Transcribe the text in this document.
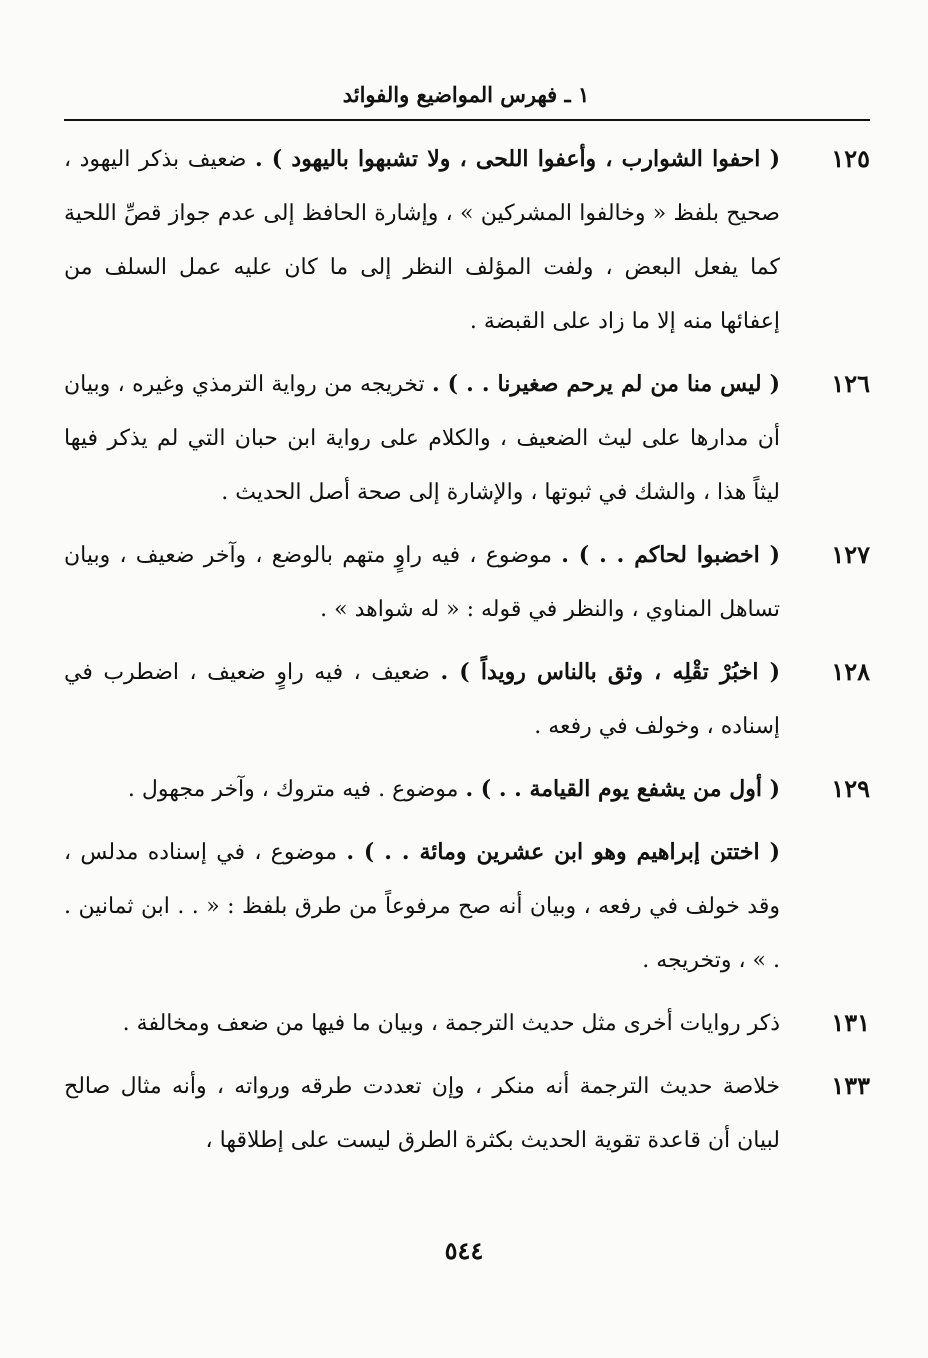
١ ـ فهرس المواضيع والفوائد
١٢٥
( احفوا الشوارب ، وأعفوا اللحى ، ولا تشبهوا باليهود ) . ضعيف بذكر اليهود ، صحيح بلفظ « وخالفوا المشركين » ، وإشارة الحافظ إلى عدم جواز قصِّ اللحية كما يفعل البعض ، ولفت المؤلف النظر إلى ما كان عليه عمل السلف من إعفائها منه إلا ما زاد على القبضة .
١٢٦
( ليس منا من لم يرحم صغيرنا . . ) . تخريجه من رواية الترمذي وغيره ، وبيان أن مدارها على ليث الضعيف ، والكلام على رواية ابن حبان التي لم يذكر فيها ليثاً هذا ، والشك في ثبوتها ، والإشارة إلى صحة أصل الحديث .
١٢٧
( اخضبوا لحاكم . . ) . موضوع ، فيه راوٍ متهم بالوضع ، وآخر ضعيف ، وبيان تساهل المناوي ، والنظر في قوله : « له شواهد » .
١٢٨
( اخبُرْ تقْلِه ، وثق بالناس رويداً ) . ضعيف ، فيه راوٍ ضعيف ، اضطرب في إسناده ، وخولف في رفعه .
١٢٩
( أول من يشفع يوم القيامة . . ) . موضوع . فيه متروك ، وآخر مجهول .
( اختتن إبراهيم وهو ابن عشرين ومائة . . ) . موضوع ، في إسناده مدلس ، وقد خولف في رفعه ، وبيان أنه صح مرفوعاً من طرق بلفظ : « . . ابن ثمانين . . » ، وتخريجه .
١٣١
ذكر روايات أخرى مثل حديث الترجمة ، وبيان ما فيها من ضعف ومخالفة .
١٣٣
خلاصة حديث الترجمة أنه منكر ، وإن تعددت طرقه ورواته ، وأنه مثال صالح لبيان أن قاعدة تقوية الحديث بكثرة الطرق ليست على إطلاقها ،
٥٤٤
